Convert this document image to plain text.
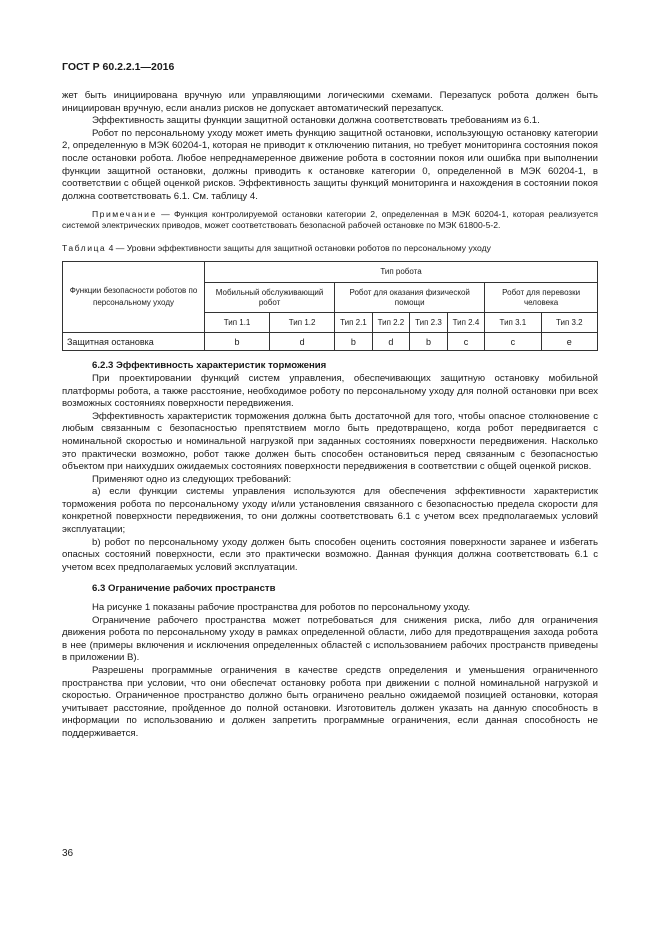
ГОСТ Р 60.2.2.1—2016

жет быть инициирована вручную или управляющими логическими схемами. Перезапуск робота должен быть инициирован вручную, если анализ рисков не допускает автоматический перезапуск.

Эффективность защиты функции защитной остановки должна соответствовать требованиям из 6.1.

Робот по персональному уходу может иметь функцию защитной остановки, использующую остановку категории 2, определенную в МЭК 60204-1, которая не приводит к отключению питания, но требует мониторинга состояния покоя после остановки робота. Любое непреднамеренное движение робота в состоянии покоя или ошибка при выполнении функции защитной остановки, должны приводить к остановке категории 0, определенной в МЭК 60204-1, в соответствии с общей оценкой рисков. Эффективность защиты функций мониторинга и нахождения в состоянии покоя должна соответствовать 6.1. См. таблицу 4.

Примечание — Функция контролируемой остановки категории 2, определенная в МЭК 60204-1, которая реализуется системой электрических приводов, может соответствовать безопасной рабочей остановке по МЭК 61800-5-2.

Таблица 4 — Уровни эффективности защиты для защитной остановки роботов по персональному уходу
Функции безопасности роботов по персональному уходу	Тип робота							
	Мобильный обслуживающий робот		Робот для оказания физической помощи				Робот для перевозки человека	
	Тип 1.1	Тип 1.2	Тип 2.1	Тип 2.2	Тип 2.3	Тип 2.4	Тип 3.1	Тип 3.2
Защитная остановка	b	d	b	d	b	c	c	e

6.2.3 Эффективность характеристик торможения

При проектировании функций систем управления, обеспечивающих защитную остановку мобильной платформы робота, а также расстояние, необходимое роботу по персональному уходу для полной остановки при всех возможных состояниях поверхности передвижения.

Эффективность характеристик торможения должна быть достаточной для того, чтобы опасное столкновение с любым связанным с безопасностью препятствием могло быть предотвращено, когда робот передвигается с номинальной скоростью и номинальной нагрузкой при заданных состояниях поверхности передвижения. Насколько это практически возможно, робот также должен быть способен остановиться перед связанным с безопасностью объектом при наихудших ожидаемых состояниях поверхности передвижения в соответствии с общей оценкой рисков.

Применяют одно из следующих требований:

а) если функции системы управления используются для обеспечения эффективности характеристик торможения робота по персональному уходу и/или установления связанного с безопасностью предела скорости для конкретной поверхности передвижения, то они должны соответствовать 6.1 с учетом всех предполагаемых условий эксплуатации;

b) робот по персональному уходу должен быть способен оценить состояния поверхности заранее и избегать опасных состояний поверхности, если это практически возможно. Данная функция должна соответствовать 6.1 с учетом всех предполагаемых условий эксплуатации.

6.3 Ограничение рабочих пространств

На рисунке 1 показаны рабочие пространства для роботов по персональному уходу.

Ограничение рабочего пространства может потребоваться для снижения риска, либо для ограничения движения робота по персональному уходу в рамках определенной области, либо для предотвращения захода робота в нее (примеры включения и исключения определенных областей с использованием рабочих пространств приведены в приложении В).

Разрешены программные ограничения в качестве средств определения и уменьшения ограниченного пространства при условии, что они обеспечат остановку робота при движении с полной номинальной нагрузкой и скоростью. Ограниченное пространство должно быть ограничено реально ожидаемой позицией остановки, которая учитывает расстояние, пройденное до полной остановки. Изготовитель должен указать на данную способность в информации по использованию и должен запретить программные ограничения, если данная способность не поддерживается.

36
